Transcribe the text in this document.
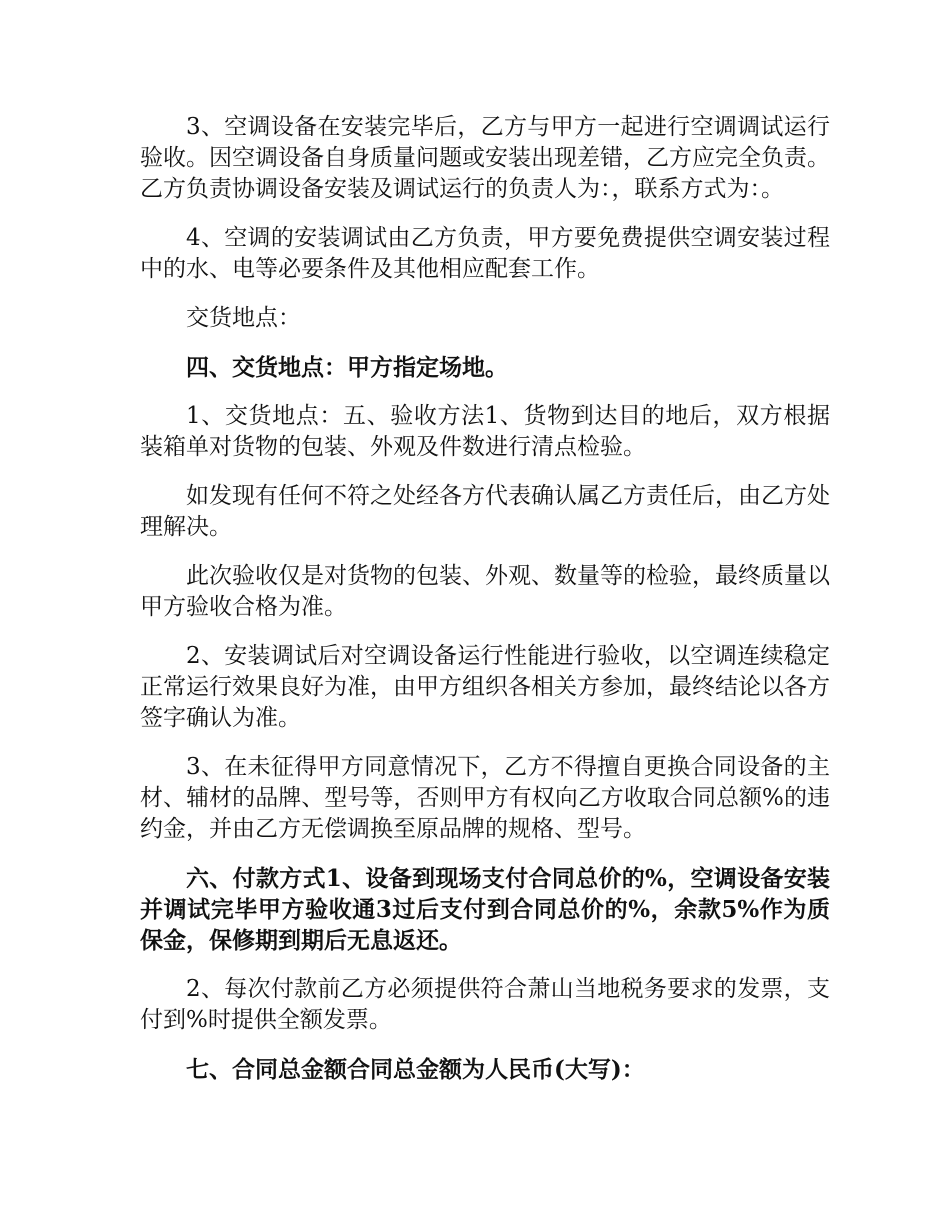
3、空调设备在安装完毕后，乙方与甲方一起进行空调调试运行验收。因空调设备自身质量问题或安装出现差错，乙方应完全负责。乙方负责协调设备安装及调试运行的负责人为：，联系方式为：。

4、空调的安装调试由乙方负责，甲方要免费提供空调安装过程中的水、电等必要条件及其他相应配套工作。

交货地点：

四、交货地点：甲方指定场地。

1、交货地点：五、验收方法1、货物到达目的地后，双方根据装箱单对货物的包装、外观及件数进行清点检验。

如发现有任何不符之处经各方代表确认属乙方责任后，由乙方处理解决。

此次验收仅是对货物的包装、外观、数量等的检验，最终质量以甲方验收合格为准。

2、安装调试后对空调设备运行性能进行验收，以空调连续稳定正常运行效果良好为准，由甲方组织各相关方参加，最终结论以各方签字确认为准。

3、在未征得甲方同意情况下，乙方不得擅自更换合同设备的主材、辅材的品牌、型号等，否则甲方有权向乙方收取合同总额%的违约金，并由乙方无偿调换至原品牌的规格、型号。

六、付款方式1、设备到现场支付合同总价的%，空调设备安装并调试完毕甲方验收通3过后支付到合同总价的%，余款5%作为质保金，保修期到期后无息返还。

2、每次付款前乙方必须提供符合萧山当地税务要求的发票，支付到%时提供全额发票。

七、合同总金额合同总金额为人民币(大写)：
